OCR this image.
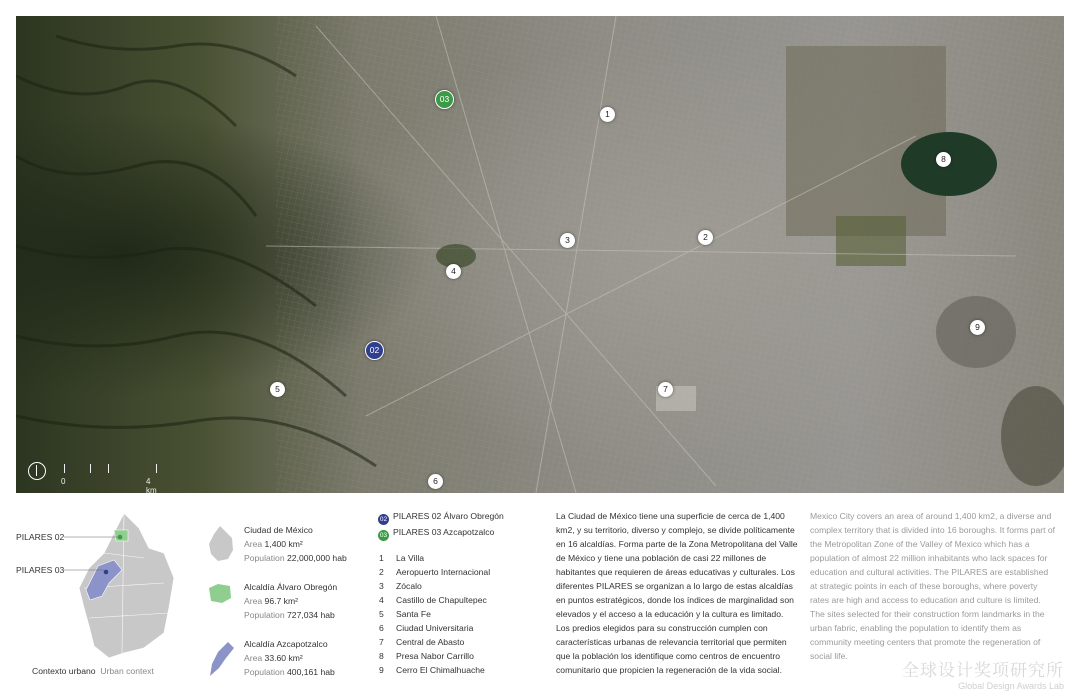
1
2
3
4
5
6
7
8
9
02
03
0	4 km
PILARES 02
PILARES 03
Contexto urbano Urban context
Ciudad de México
Area 1,400 km²
Population 22,000,000 hab
Alcaldía Álvaro Obregón
Area 96.7 km²
Population 727,034 hab
Alcaldía Azcapotzalco
Area 33.60 km²
Population 400,161 hab
02 PILARES 02 Álvaro Obregón
03 PILARES 03 Azcapotzalco
1 La Villa
2 Aeropuerto Internacional
3 Zócalo
4 Castillo de Chapultepec
5 Santa Fe
6 Ciudad Universitaria
7 Central de Abasto
8 Presa Nabor Carrillo
9 Cerro El Chimalhuache
La Ciudad de México tiene una superficie de cerca de 1,400 km2, y su territorio, diverso y complejo, se divide políticamente en 16 alcaldías. Forma parte de la Zona Metropolitana del Valle de México y tiene una población de casi 22 millones de habitantes que requieren de áreas educativas y culturales. Los diferentes PILARES se organizan a lo largo de estas alcaldías en puntos estratégicos, donde los índices de marginalidad son elevados y el acceso a la educación y la cultura es limitado. Los predios elegidos para su construcción cumplen con características urbanas de relevancia territorial que permiten que la población los identifique como centros de encuentro comunitario que propicien la regeneración de la vida social.
Mexico City covers an area of around 1,400 km2, a diverse and complex territory that is divided into 16 boroughs. It forms part of the Metropolitan Zone of the Valley of Mexico which has a population of almost 22 million inhabitants who lack spaces for education and cultural activities. The PILARES are established at strategic points in each of these boroughs, where poverty rates are high and access to education and culture is limited. The sites selected for their construction form landmarks in the urban fabric, enabling the population to identify them as community meeting centers that promote the regeneration of social life.
全球设计奖项研究所
Global Design Awards Lab
